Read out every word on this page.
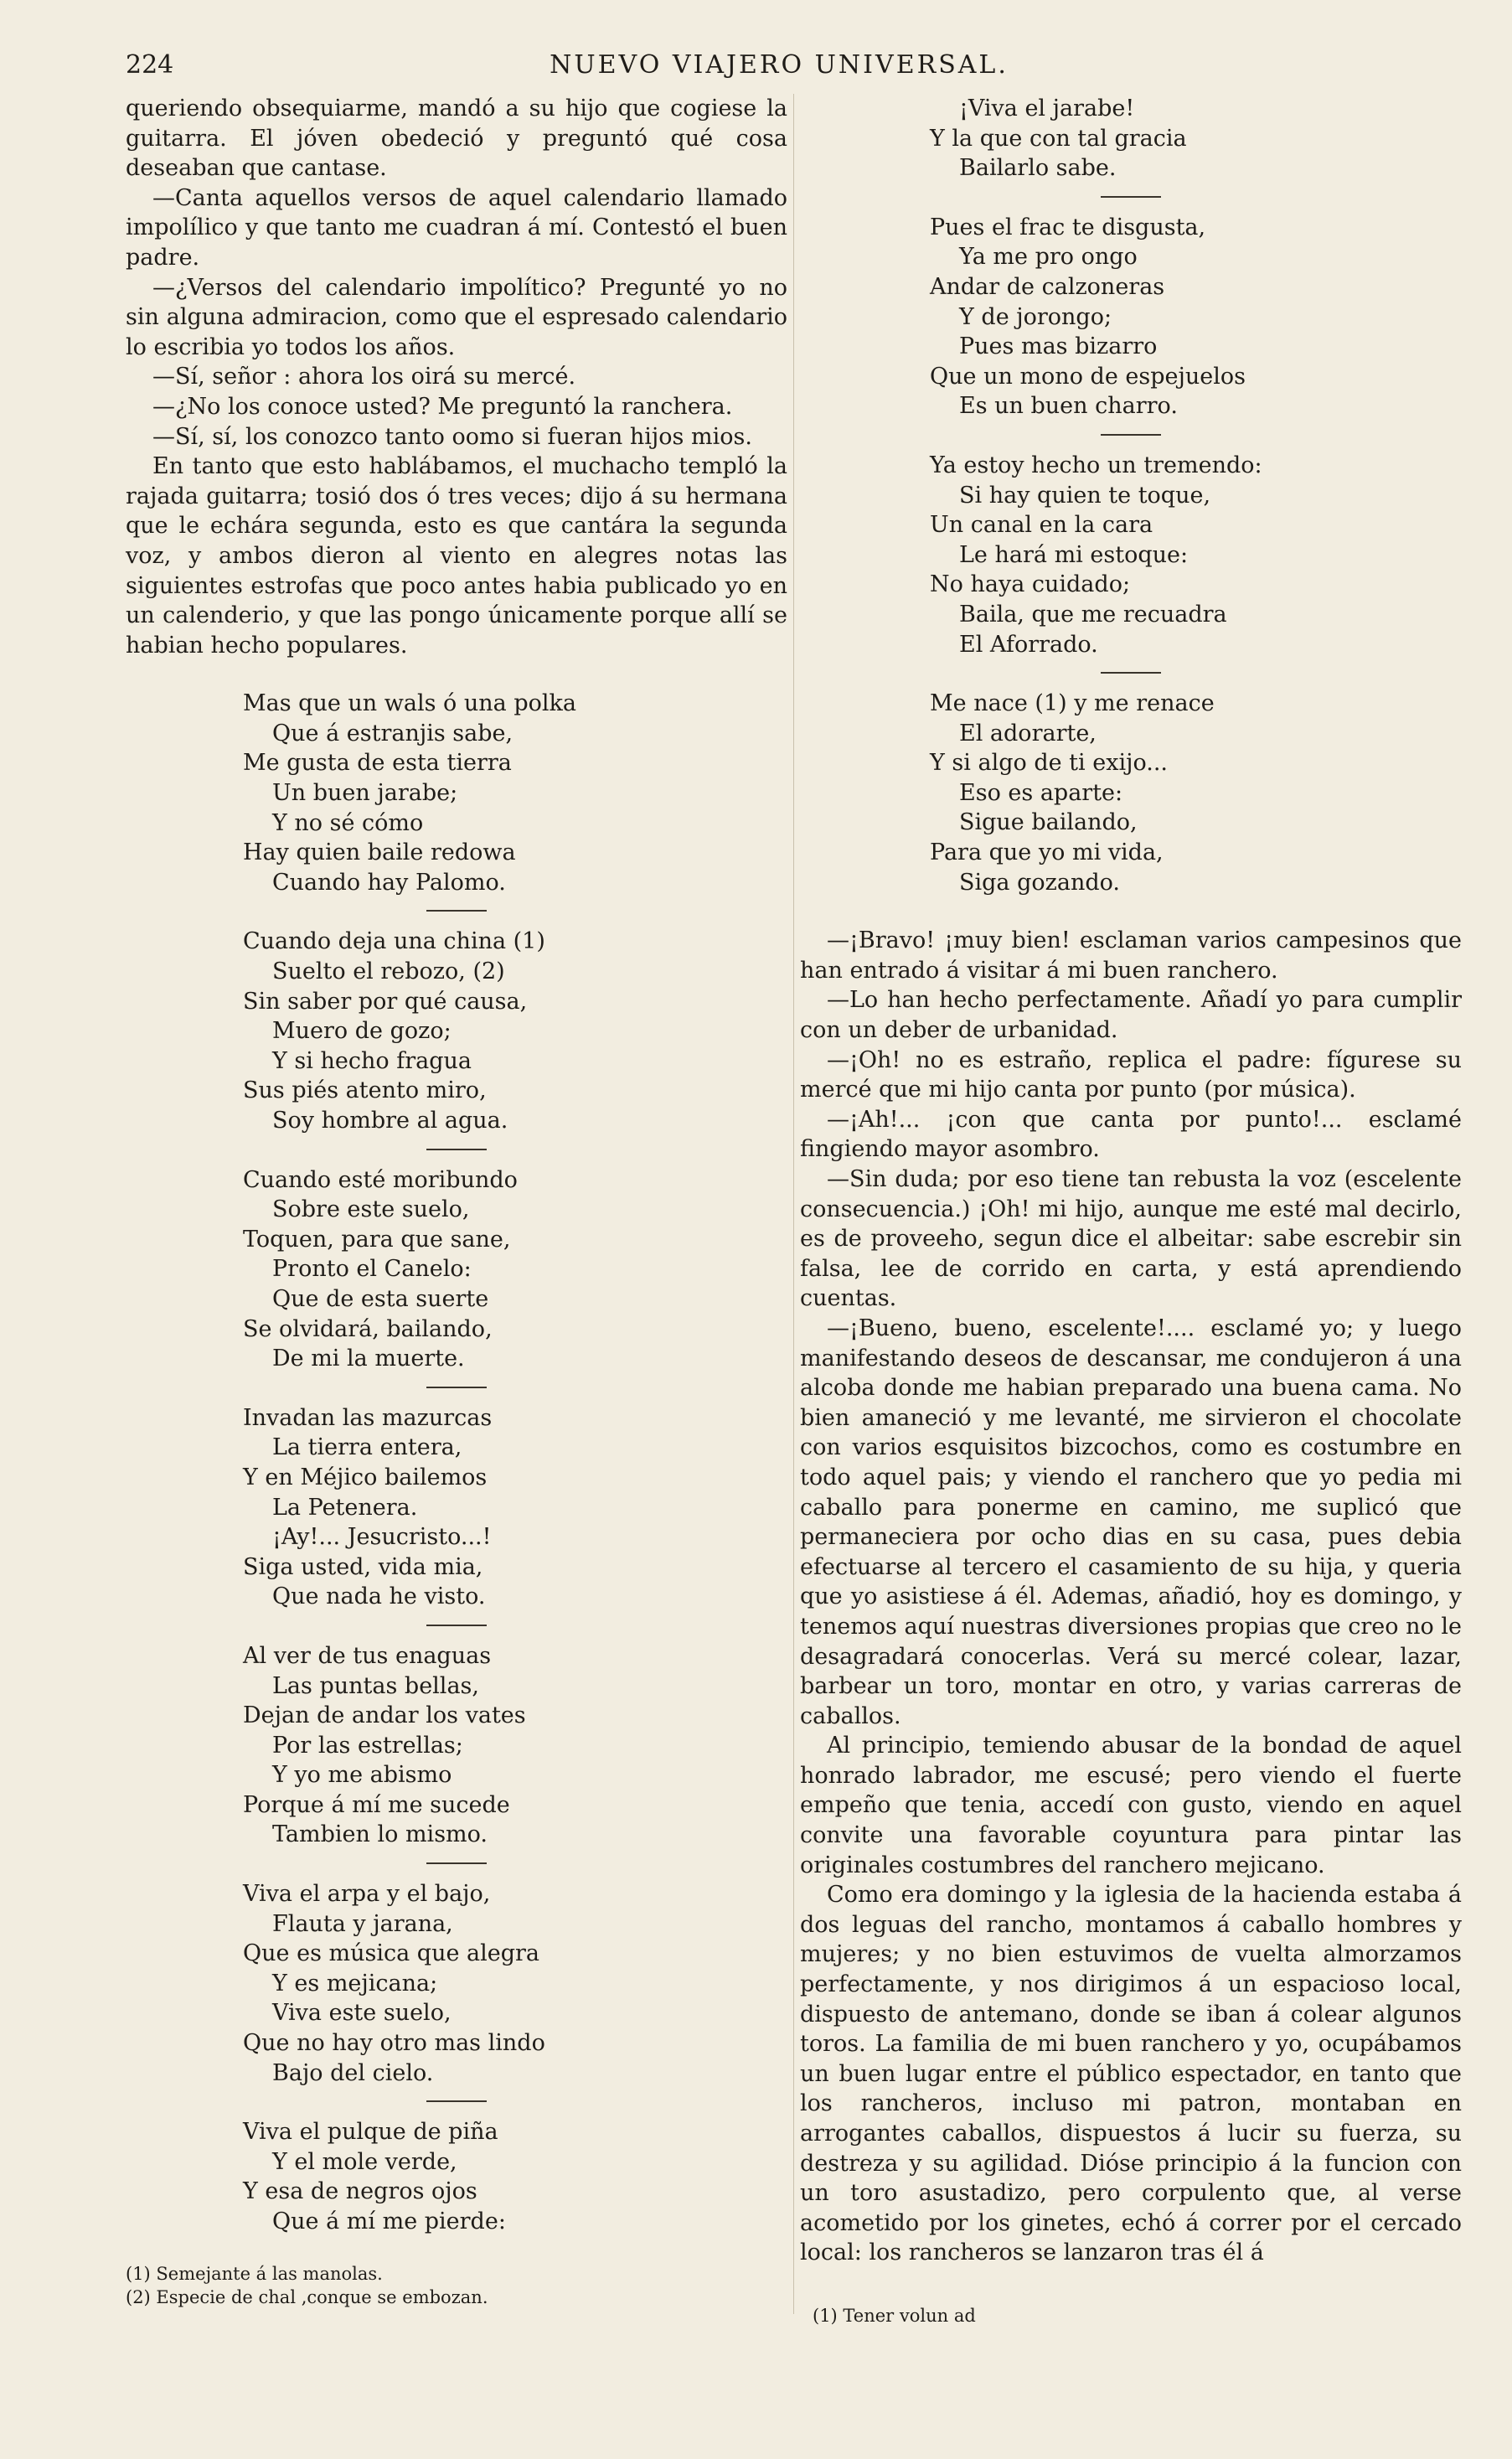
224	NUEVO VIAJERO UNIVERSAL.

queriendo obsequiarme, mandó a su hijo que cogiese la guitarra. El jóven obedeció y preguntó qué cosa deseaban que cantase.

—Canta aquellos versos de aquel calendario llamado impolílico y que tanto me cuadran á mí. Contestó el buen padre.

—¿Versos del calendario impolítico? Pregunté yo no sin alguna admiracion, como que el espresado calendario lo escribia yo todos los años.

—Sí, señor : ahora los oirá su mercé.

—¿No los conoce usted? Me preguntó la ranchera.

—Sí, sí, los conozco tanto oomo si fueran hijos mios.

En tanto que esto hablábamos, el muchacho templó la rajada guitarra; tosió dos ó tres veces; dijo á su hermana que le echára segunda, esto es que cantára la segunda voz, y ambos dieron al viento en alegres notas las siguientes estrofas que poco antes habia publicado yo en un calenderio, y que las pongo únicamente porque allí se habian hecho populares.

Mas que un wals ó una polka
Que á estranjis sabe,
Me gusta de esta tierra
Un buen jarabe;
Y no sé cómo
Hay quien baile redowa
Cuando hay Palomo.
Cuando deja una china (1)
Suelto el rebozo, (2)
Sin saber por qué causa,
Muero de gozo;
Y si hecho fragua
Sus piés atento miro,
Soy hombre al agua.
Cuando esté moribundo
Sobre este suelo,
Toquen, para que sane,
Pronto el Canelo:
Que de esta suerte
Se olvidará, bailando,
De mi la muerte.
Invadan las mazurcas
La tierra entera,
Y en Méjico bailemos
La Petenera.
¡Ay!... Jesucristo...!
Siga usted, vida mia,
Que nada he visto.
Al ver de tus enaguas
Las puntas bellas,
Dejan de andar los vates
Por las estrellas;
Y yo me abismo
Porque á mí me sucede
Tambien lo mismo.
Viva el arpa y el bajo,
Flauta y jarana,
Que es música que alegra
Y es mejicana;
Viva este suelo,
Que no hay otro mas lindo
Bajo del cielo.
Viva el pulque de piña
Y el mole verde,
Y esa de negros ojos
Que á mí me pierde:
(1) Semejante á las manolas.
(2) Especie de chal ,conque se embozan.
¡Viva el jarabe!
Y la que con tal gracia
Bailarlo sabe.
Pues el frac te disgusta,
Ya me pro ongo
Andar de calzoneras
Y de jorongo;
Pues mas bizarro
Que un mono de espejuelos
Es un buen charro.
Ya estoy hecho un tremendo:
Si hay quien te toque,
Un canal en la cara
Le hará mi estoque:
No haya cuidado;
Baila, que me recuadra
El Aforrado.
Me nace (1) y me renace
El adorarte,
Y si algo de ti exijo...
Eso es aparte:
Sigue bailando,
Para que yo mi vida,
Siga gozando.

—¡Bravo! ¡muy bien! esclaman varios campesinos que han entrado á visitar á mi buen ranchero.

—Lo han hecho perfectamente. Añadí yo para cumplir con un deber de urbanidad.

—¡Oh! no es estraño, replica el padre: fígurese su mercé que mi hijo canta por punto (por música).

—¡Ah!... ¡con que canta por punto!... esclamé fingiendo mayor asombro.

—Sin duda; por eso tiene tan rebusta la voz (escelente consecuencia.) ¡Oh! mi hijo, aunque me esté mal decirlo, es de proveeho, segun dice el albeitar: sabe escrebir sin falsa, lee de corrido en carta, y está aprendiendo cuentas.

—¡Bueno, bueno, escelente!.... esclamé yo; y luego manifestando deseos de descansar, me condujeron á una alcoba donde me habian preparado una buena cama. No bien amaneció y me levanté, me sirvieron el chocolate con varios esquisitos bizcochos, como es costumbre en todo aquel pais; y viendo el ranchero que yo pedia mi caballo para ponerme en camino, me suplicó que permaneciera por ocho dias en su casa, pues debia efectuarse al tercero el casamiento de su hija, y queria que yo asistiese á él. Ademas, añadió, hoy es domingo, y tenemos aquí nuestras diversiones propias que creo no le desagradará conocerlas. Verá su mercé colear, lazar, barbear un toro, montar en otro, y varias carreras de caballos.

Al principio, temiendo abusar de la bondad de aquel honrado labrador, me escusé; pero viendo el fuerte empeño que tenia, accedí con gusto, viendo en aquel convite una favorable coyuntura para pintar las originales costumbres del ranchero mejicano.

Como era domingo y la iglesia de la hacienda estaba á dos leguas del rancho, montamos á caballo hombres y mujeres; y no bien estuvimos de vuelta almorzamos perfectamente, y nos dirigimos á un espacioso local, dispuesto de antemano, donde se iban á colear algunos toros. La familia de mi buen ranchero y yo, ocupábamos un buen lugar entre el público espectador, en tanto que los rancheros, incluso mi patron, montaban en arrogantes caballos, dispuestos á lucir su fuerza, su destreza y su agilidad. Dióse principio á la funcion con un toro asustadizo, pero corpulento que, al verse acometido por los ginetes, echó á correr por el cercado local: los rancheros se lanzaron tras él á

(1) Tener volun ad
